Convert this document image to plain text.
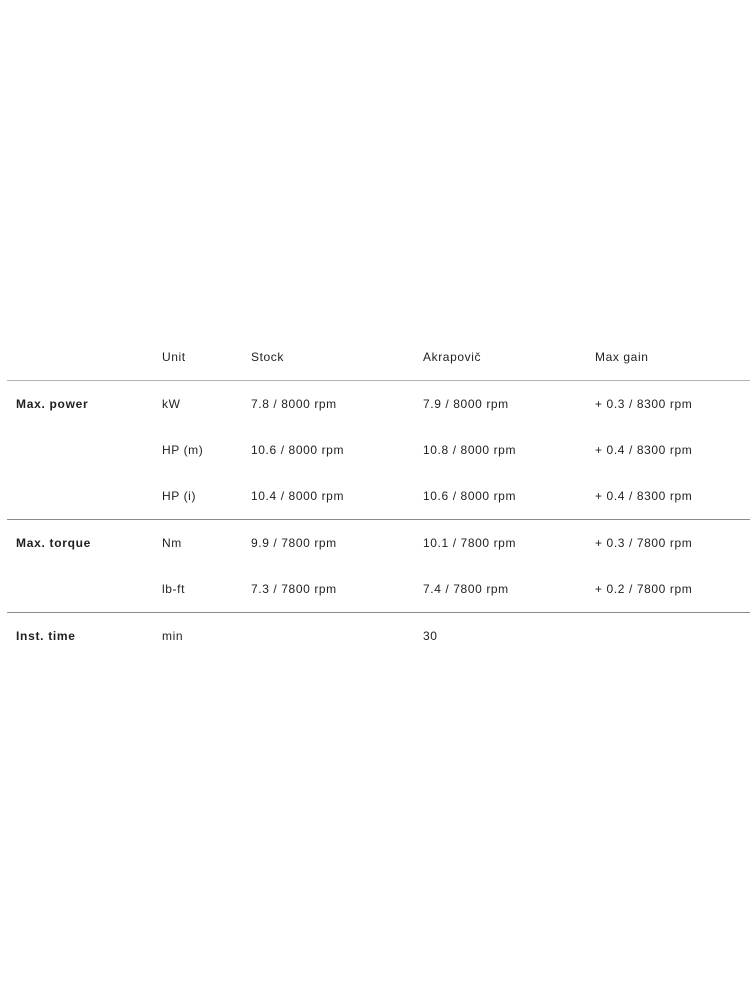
	Unit	Stock	Akrapovič	Max gain
Max. power	kW	7.8 / 8000 rpm	7.9 / 8000 rpm	+ 0.3 / 8300 rpm
	HP (m)	10.6 / 8000 rpm	10.8 / 8000 rpm	+ 0.4 / 8300 rpm
	HP (i)	10.4 / 8000 rpm	10.6 / 8000 rpm	+ 0.4 / 8300 rpm
Max. torque	Nm	9.9 / 7800 rpm	10.1 / 7800 rpm	+ 0.3 / 7800 rpm
	lb-ft	7.3 / 7800 rpm	7.4 / 7800 rpm	+ 0.2 / 7800 rpm
Inst. time	min		30	
